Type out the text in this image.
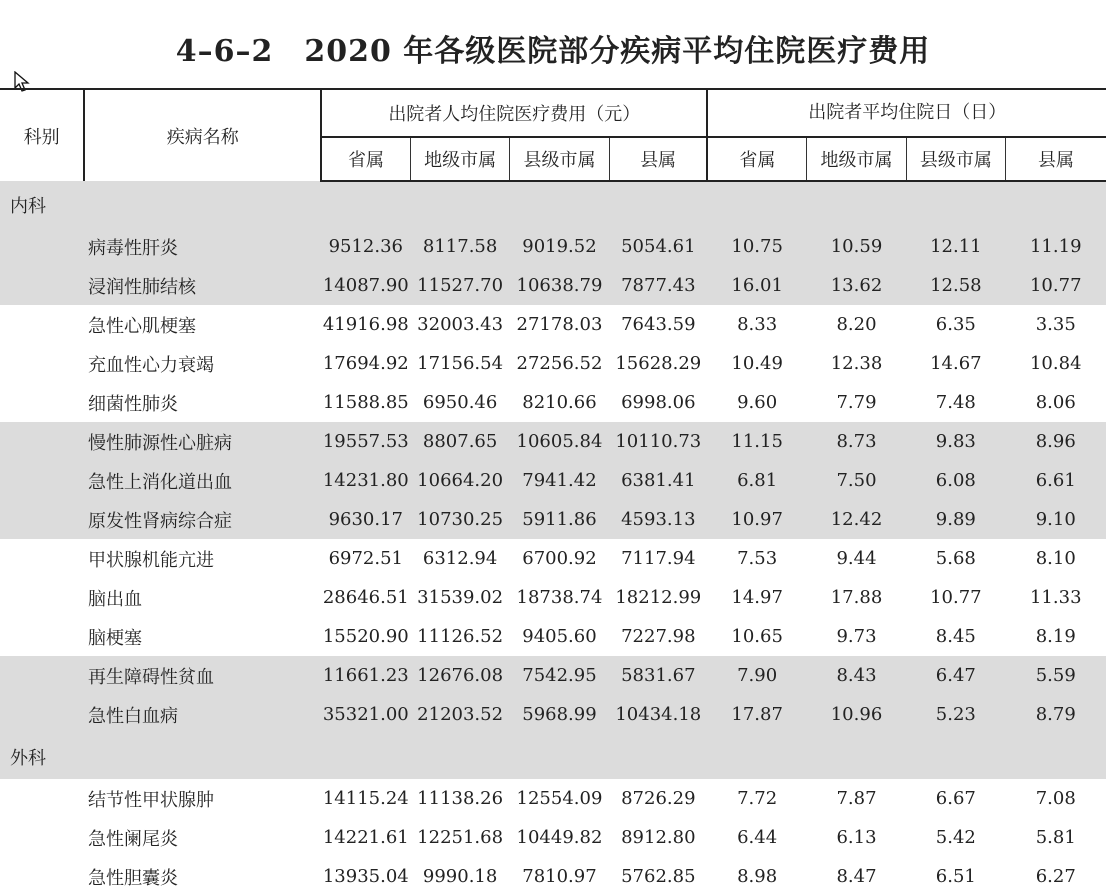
4–6–2　2020 年各级医院部分疾病平均住院医疗费用
科别	疾病名称	出院者人均住院医疗费用（元）				出院者平均住院日（日）			
		省属	地级市属	县级市属	县属	省属	地级市属	县级市属	县属
内科									
病毒性肝炎		9512.36	8117.58	9019.52	5054.61	10.75	10.59	12.11	11.19
浸润性肺结核		14087.90	11527.70	10638.79	7877.43	16.01	13.62	12.58	10.77
急性心肌梗塞		41916.98	32003.43	27178.03	7643.59	8.33	8.20	6.35	3.35
充血性心力衰竭		17694.92	17156.54	27256.52	15628.29	10.49	12.38	14.67	10.84
细菌性肺炎		11588.85	6950.46	8210.66	6998.06	9.60	7.79	7.48	8.06
慢性肺源性心脏病		19557.53	8807.65	10605.84	10110.73	11.15	8.73	9.83	8.96
急性上消化道出血		14231.80	10664.20	7941.42	6381.41	6.81	7.50	6.08	6.61
原发性肾病综合症		9630.17	10730.25	5911.86	4593.13	10.97	12.42	9.89	9.10
甲状腺机能亢进		6972.51	6312.94	6700.92	7117.94	7.53	9.44	5.68	8.10
脑出血		28646.51	31539.02	18738.74	18212.99	14.97	17.88	10.77	11.33
脑梗塞		15520.90	11126.52	9405.60	7227.98	10.65	9.73	8.45	8.19
再生障碍性贫血		11661.23	12676.08	7542.95	5831.67	7.90	8.43	6.47	5.59
急性白血病		35321.00	21203.52	5968.99	10434.18	17.87	10.96	5.23	8.79
外科									
结节性甲状腺肿		14115.24	11138.26	12554.09	8726.29	7.72	7.87	6.67	7.08
急性阑尾炎		14221.61	12251.68	10449.82	8912.80	6.44	6.13	5.42	5.81
急性胆囊炎		13935.04	9990.18	7810.97	5762.85	8.98	8.47	6.51	6.27
